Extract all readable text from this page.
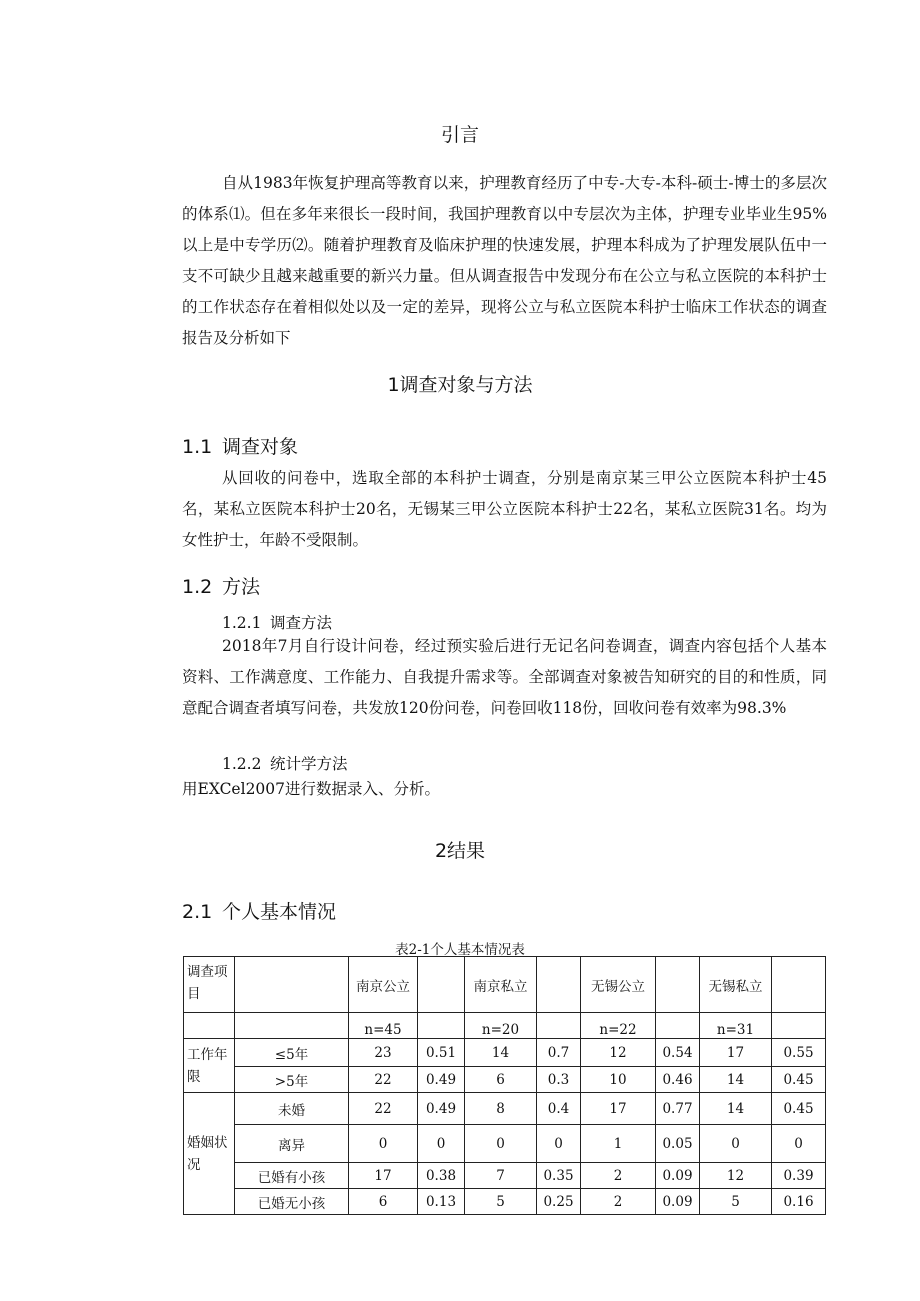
引言

自从1983年恢复护理高等教育以来，护理教育经历了中专-大专-本科-硕士-博士的多层次的体系⑴。但在多年来很长一段时间，我国护理教育以中专层次为主体，护理专业毕业生95%以上是中专学历⑵。随着护理教育及临床护理的快速发展，护理本科成为了护理发展队伍中一支不可缺少且越来越重要的新兴力量。但从调查报告中发现分布在公立与私立医院的本科护士的工作状态存在着相似处以及一定的差异，现将公立与私立医院本科护士临床工作状态的调查报告及分析如下

1调查对象与方法
1.1 调查对象

从回收的问卷中，选取全部的本科护士调查，分别是南京某三甲公立医院本科护士45名，某私立医院本科护士20名，无锡某三甲公立医院本科护士22名，某私立医院31名。均为女性护士，年龄不受限制。

1.2 方法
1.2.1 调查方法

2018年7月自行设计问卷，经过预实验后进行无记名问卷调查，调查内容包括个人基本资料、工作满意度、工作能力、自我提升需求等。全部调查对象被告知研究的目的和性质，同意配合调查者填写问卷，共发放120份问卷，问卷回收118份，回收问卷有效率为98.3%

1.2.2 统计学方法

用EXCel2007进行数据录入、分析。

2结果
2.1 个人基本情况
表2-1个人基本情况表
调查项目		南京公立		南京私立		无锡公立		无锡私立	
		n=45		n=20		n=22		n=31	
工作年限	≤5年	23	0.51	14	0.7	12	0.54	17	0.55
	>5年	22	0.49	6	0.3	10	0.46	14	0.45
婚姻状况	未婚	22	0.49	8	0.4	17	0.77	14	0.45
	离异	0	0	0	0	1	0.05	0	0
	已婚有小孩	17	0.38	7	0.35	2	0.09	12	0.39
	已婚无小孩	6	0.13	5	0.25	2	0.09	5	0.16
